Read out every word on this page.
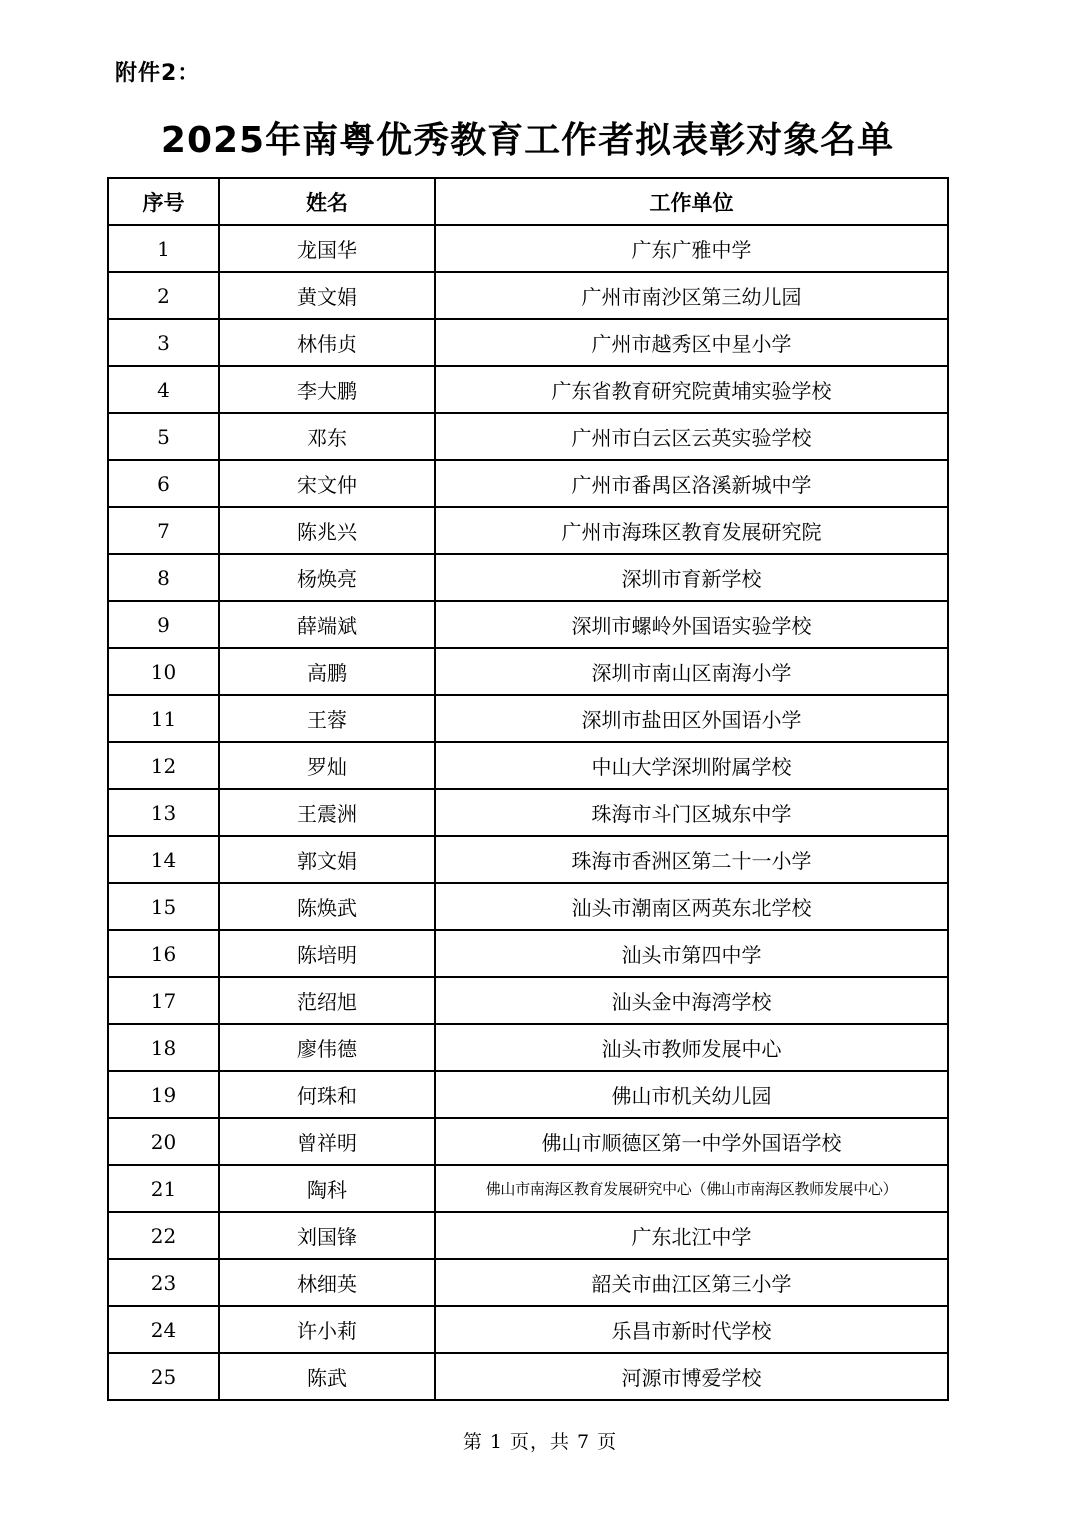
附件2：
2025年南粤优秀教育工作者拟表彰对象名单
序号	姓名	工作单位
1	龙国华	广东广雅中学
2	黄文娟	广州市南沙区第三幼儿园
3	林伟贞	广州市越秀区中星小学
4	李大鹏	广东省教育研究院黄埔实验学校
5	邓东	广州市白云区云英实验学校
6	宋文仲	广州市番禺区洛溪新城中学
7	陈兆兴	广州市海珠区教育发展研究院
8	杨焕亮	深圳市育新学校
9	薛端斌	深圳市螺岭外国语实验学校
10	高鹏	深圳市南山区南海小学
11	王蓉	深圳市盐田区外国语小学
12	罗灿	中山大学深圳附属学校
13	王震洲	珠海市斗门区城东中学
14	郭文娟	珠海市香洲区第二十一小学
15	陈焕武	汕头市潮南区两英东北学校
16	陈培明	汕头市第四中学
17	范绍旭	汕头金中海湾学校
18	廖伟德	汕头市教师发展中心
19	何珠和	佛山市机关幼儿园
20	曾祥明	佛山市顺德区第一中学外国语学校
21	陶科	佛山市南海区教育发展研究中心（佛山市南海区教师发展中心）
22	刘国锋	广东北江中学
23	林细英	韶关市曲江区第三小学
24	许小莉	乐昌市新时代学校
25	陈武	河源市博爱学校
第 1 页，共 7 页
